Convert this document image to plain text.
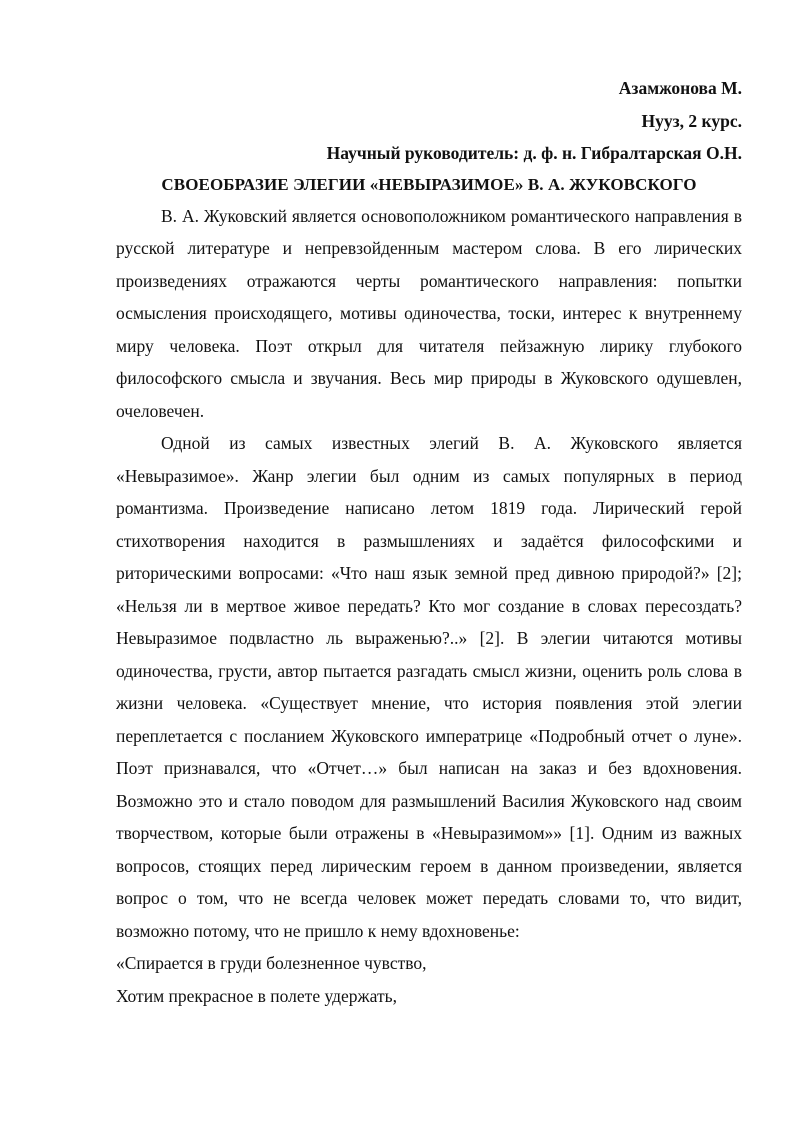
Азамжонова М.

Нууз, 2 курс.

Научный руководитель: д. ф. н. Гибралтарская О.Н.

СВОЕОБРАЗИЕ ЭЛЕГИИ «НЕВЫРАЗИМОЕ» В. А. ЖУКОВСКОГО

В. А. Жуковский является основоположником романтического направления в русской литературе и непревзойденным мастером слова. В его лирических произведениях отражаются черты романтического направления: попытки осмысления происходящего, мотивы одиночества, тоски, интерес к внутреннему миру человека. Поэт открыл для читателя пейзажную лирику глубокого философского смысла и звучания. Весь мир природы в Жуковского одушевлен, очеловечен.

Одной из самых известных элегий В. А. Жуковского является «Невыразимое». Жанр элегии был одним из самых популярных в период романтизма. Произведение написано летом 1819 года. Лирический герой стихотворения находится в размышлениях и задаётся философскими и риторическими вопросами: «Что наш язык земной пред дивною природой?» [2]; «Нельзя ли в мертвое живое передать? Кто мог создание в словах пересоздать? Невыразимое подвластно ль выраженью?..» [2]. В элегии читаются мотивы одиночества, грусти, автор пытается разгадать смысл жизни, оценить роль слова в жизни человека. «Существует мнение, что история появления этой элегии переплетается с посланием Жуковского императрице «Подробный отчет о луне». Поэт признавался, что «Отчет…» был написан на заказ и без вдохновения. Возможно это и стало поводом для размышлений Василия Жуковского над своим творчеством, которые были отражены в «Невыразимом»» [1]. Одним из важных вопросов, стоящих перед лирическим героем в данном произведении, является вопрос о том, что не всегда человек может передать словами то, что видит, возможно потому, что не пришло к нему вдохновенье:

«Спирается в груди болезненное чувство,

Хотим прекрасное в полете удержать,
